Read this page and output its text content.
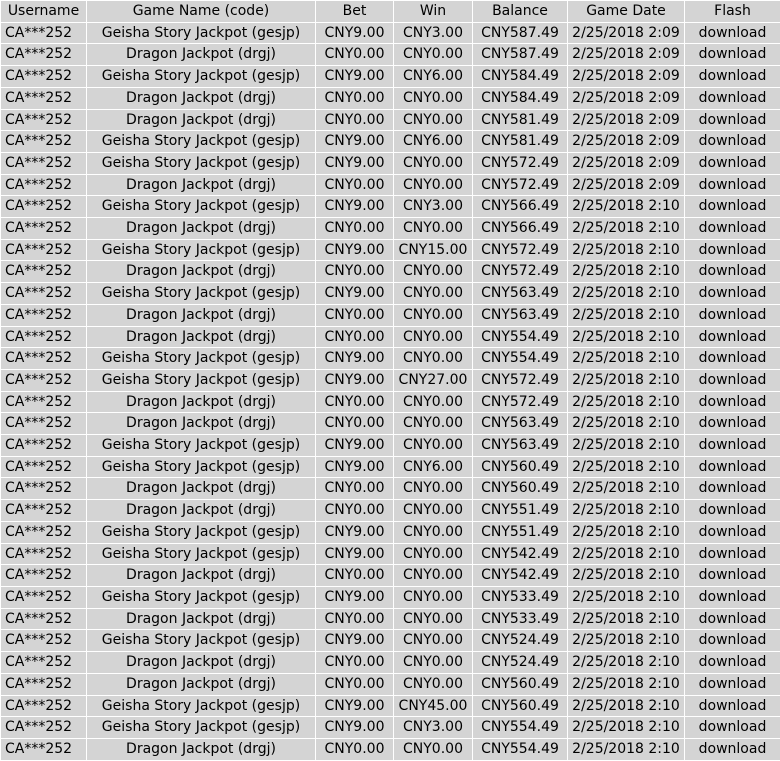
Username	Game Name (code)	Bet	Win	Balance	Game Date	Flash
CA***252	Geisha Story Jackpot (gesjp)	CNY9.00	CNY3.00	CNY587.49	2/25/2018 2:09	download
CA***252	Dragon Jackpot (drgj)	CNY0.00	CNY0.00	CNY587.49	2/25/2018 2:09	download
CA***252	Geisha Story Jackpot (gesjp)	CNY9.00	CNY6.00	CNY584.49	2/25/2018 2:09	download
CA***252	Dragon Jackpot (drgj)	CNY0.00	CNY0.00	CNY584.49	2/25/2018 2:09	download
CA***252	Dragon Jackpot (drgj)	CNY0.00	CNY0.00	CNY581.49	2/25/2018 2:09	download
CA***252	Geisha Story Jackpot (gesjp)	CNY9.00	CNY6.00	CNY581.49	2/25/2018 2:09	download
CA***252	Geisha Story Jackpot (gesjp)	CNY9.00	CNY0.00	CNY572.49	2/25/2018 2:09	download
CA***252	Dragon Jackpot (drgj)	CNY0.00	CNY0.00	CNY572.49	2/25/2018 2:09	download
CA***252	Geisha Story Jackpot (gesjp)	CNY9.00	CNY3.00	CNY566.49	2/25/2018 2:10	download
CA***252	Dragon Jackpot (drgj)	CNY0.00	CNY0.00	CNY566.49	2/25/2018 2:10	download
CA***252	Geisha Story Jackpot (gesjp)	CNY9.00	CNY15.00	CNY572.49	2/25/2018 2:10	download
CA***252	Dragon Jackpot (drgj)	CNY0.00	CNY0.00	CNY572.49	2/25/2018 2:10	download
CA***252	Geisha Story Jackpot (gesjp)	CNY9.00	CNY0.00	CNY563.49	2/25/2018 2:10	download
CA***252	Dragon Jackpot (drgj)	CNY0.00	CNY0.00	CNY563.49	2/25/2018 2:10	download
CA***252	Dragon Jackpot (drgj)	CNY0.00	CNY0.00	CNY554.49	2/25/2018 2:10	download
CA***252	Geisha Story Jackpot (gesjp)	CNY9.00	CNY0.00	CNY554.49	2/25/2018 2:10	download
CA***252	Geisha Story Jackpot (gesjp)	CNY9.00	CNY27.00	CNY572.49	2/25/2018 2:10	download
CA***252	Dragon Jackpot (drgj)	CNY0.00	CNY0.00	CNY572.49	2/25/2018 2:10	download
CA***252	Dragon Jackpot (drgj)	CNY0.00	CNY0.00	CNY563.49	2/25/2018 2:10	download
CA***252	Geisha Story Jackpot (gesjp)	CNY9.00	CNY0.00	CNY563.49	2/25/2018 2:10	download
CA***252	Geisha Story Jackpot (gesjp)	CNY9.00	CNY6.00	CNY560.49	2/25/2018 2:10	download
CA***252	Dragon Jackpot (drgj)	CNY0.00	CNY0.00	CNY560.49	2/25/2018 2:10	download
CA***252	Dragon Jackpot (drgj)	CNY0.00	CNY0.00	CNY551.49	2/25/2018 2:10	download
CA***252	Geisha Story Jackpot (gesjp)	CNY9.00	CNY0.00	CNY551.49	2/25/2018 2:10	download
CA***252	Geisha Story Jackpot (gesjp)	CNY9.00	CNY0.00	CNY542.49	2/25/2018 2:10	download
CA***252	Dragon Jackpot (drgj)	CNY0.00	CNY0.00	CNY542.49	2/25/2018 2:10	download
CA***252	Geisha Story Jackpot (gesjp)	CNY9.00	CNY0.00	CNY533.49	2/25/2018 2:10	download
CA***252	Dragon Jackpot (drgj)	CNY0.00	CNY0.00	CNY533.49	2/25/2018 2:10	download
CA***252	Geisha Story Jackpot (gesjp)	CNY9.00	CNY0.00	CNY524.49	2/25/2018 2:10	download
CA***252	Dragon Jackpot (drgj)	CNY0.00	CNY0.00	CNY524.49	2/25/2018 2:10	download
CA***252	Dragon Jackpot (drgj)	CNY0.00	CNY0.00	CNY560.49	2/25/2018 2:10	download
CA***252	Geisha Story Jackpot (gesjp)	CNY9.00	CNY45.00	CNY560.49	2/25/2018 2:10	download
CA***252	Geisha Story Jackpot (gesjp)	CNY9.00	CNY3.00	CNY554.49	2/25/2018 2:10	download
CA***252	Dragon Jackpot (drgj)	CNY0.00	CNY0.00	CNY554.49	2/25/2018 2:10	download
